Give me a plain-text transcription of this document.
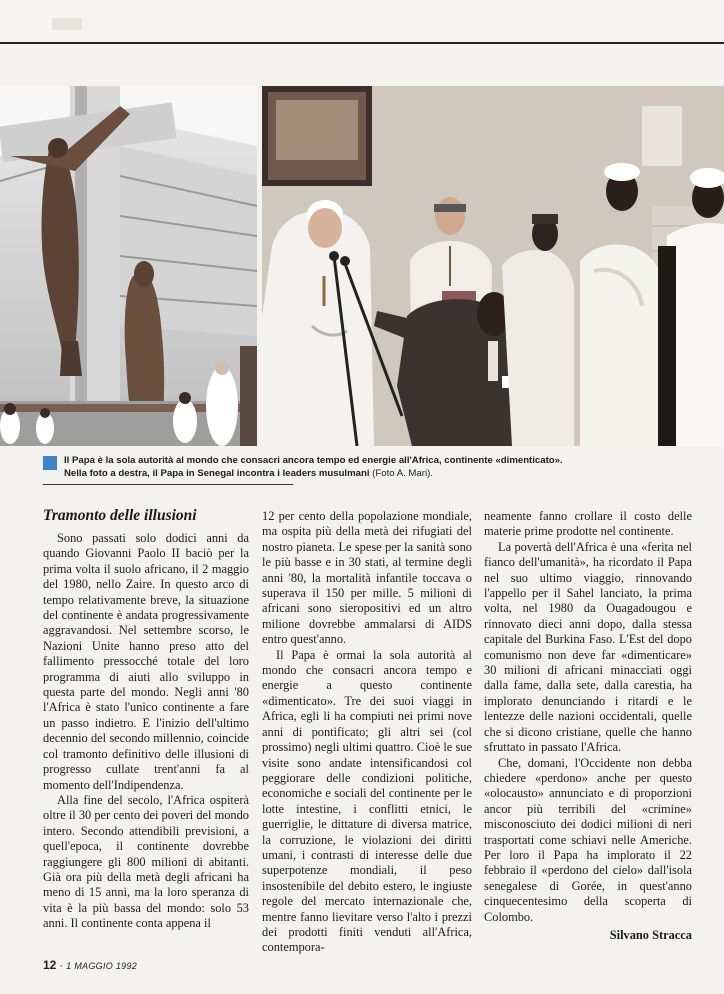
Il Papa è la sola autorità al mondo che consacri ancora tempo ed energie all'Africa, continente «dimenticato».
Nella foto a destra, il Papa in Senegal incontra i leaders musulmani (Foto A. Mari).
Tramonto delle illusioni

Sono passati solo dodici anni da quando Giovanni Paolo II baciò per la prima volta il suolo africano, il 2 maggio del 1980, nello Zaire. In questo arco di tempo relativamente breve, la situazione del continente è andata progressivamente aggravandosi. Nel settembre scorso, le Nazioni Unite hanno preso atto del fallimento pressocché totale del loro programma di aiuti allo sviluppo in questa parte del mondo. Negli anni '80 l'Africa è stato l'unico continente a fare un passo indietro. E l'inizio dell'ultimo decennio del secondo millennio, coincide col tramonto definitivo delle illusioni di progresso cullate trent'anni fa al momento dell'Indipendenza.

Alla fine del secolo, l'Africa ospiterà oltre il 30 per cento dei poveri del mondo intero. Secondo attendibili previsioni, a quell'epoca, il continente dovrebbe raggiungere gli 800 milioni di abitanti. Già ora più della metà degli africani ha meno di 15 anni, ma la loro speranza di vita è la più bassa del mondo: solo 53 anni. Il continente conta appena il

12 per cento della popolazione mondiale, ma ospita più della metà dei rifugiati del nostro pianeta. Le spese per la sanità sono le più basse e in 30 stati, al termine degli anni '80, la mortalità infantile toccava o superava il 150 per mille. 5 milioni di africani sono sieropositivi ed un altro milione dovrebbe ammalarsi di AIDS entro quest'anno.

Il Papa è ormai la sola autorità al mondo che consacri ancora tempo e energie a questo continente «dimenticato». Tre dei suoi viaggi in Africa, egli li ha compiuti nei primi nove anni di pontificato; gli altri sei (col prossimo) negli ultimi quattro. Cioè le sue visite sono andate intensificandosi col peggiorare delle condizioni politiche, economiche e sociali del continente per le lotte intestine, i conflitti etnici, le guerriglie, le dittature di diversa matrice, la corruzione, le violazioni dei diritti umani, i contrasti di interesse delle due superpotenze mondiali, il peso insostenibile del debito estero, le ingiuste regole del mercato internazionale che, mentre fanno lievitare verso l'alto i prezzi dei prodotti finiti venduti all'Africa, contempora-

neamente fanno crollare il costo delle materie prime prodotte nel continente.

La povertà dell'Africa è una «ferita nel fianco dell'umanità», ha ricordato il Papa nel suo ultimo viaggio, rinnovando l'appello per il Sahel lanciato, la prima volta, nel 1980 da Ouagadougou e rinnovato dieci anni dopo, dalla stessa capitale del Burkina Faso. L'Est del dopo comunismo non deve far «dimenticare» 30 milioni di africani minacciati oggi dalla fame, dalla sete, dalla carestia, ha implorato denunciando i ritardi e le lentezze delle nazioni occidentali, quelle che si dicono cristiane, quelle che hanno sfruttato in passato l'Africa.

Che, domani, l'Occidente non debba chiedere «perdono» anche per questo «olocausto» annunciato e di proporzioni ancor più terribili del «crimine» misconosciuto dei dodici milioni di neri trasportati come schiavi nelle Americhe. Per loro il Papa ha implorato il 22 febbraio il «perdono del cielo» dall'isola senegalese di Gorée, in quest'anno cinquecentesimo della scoperta di Colombo.

Silvano Stracca
12 · 1 MAGGIO 1992
